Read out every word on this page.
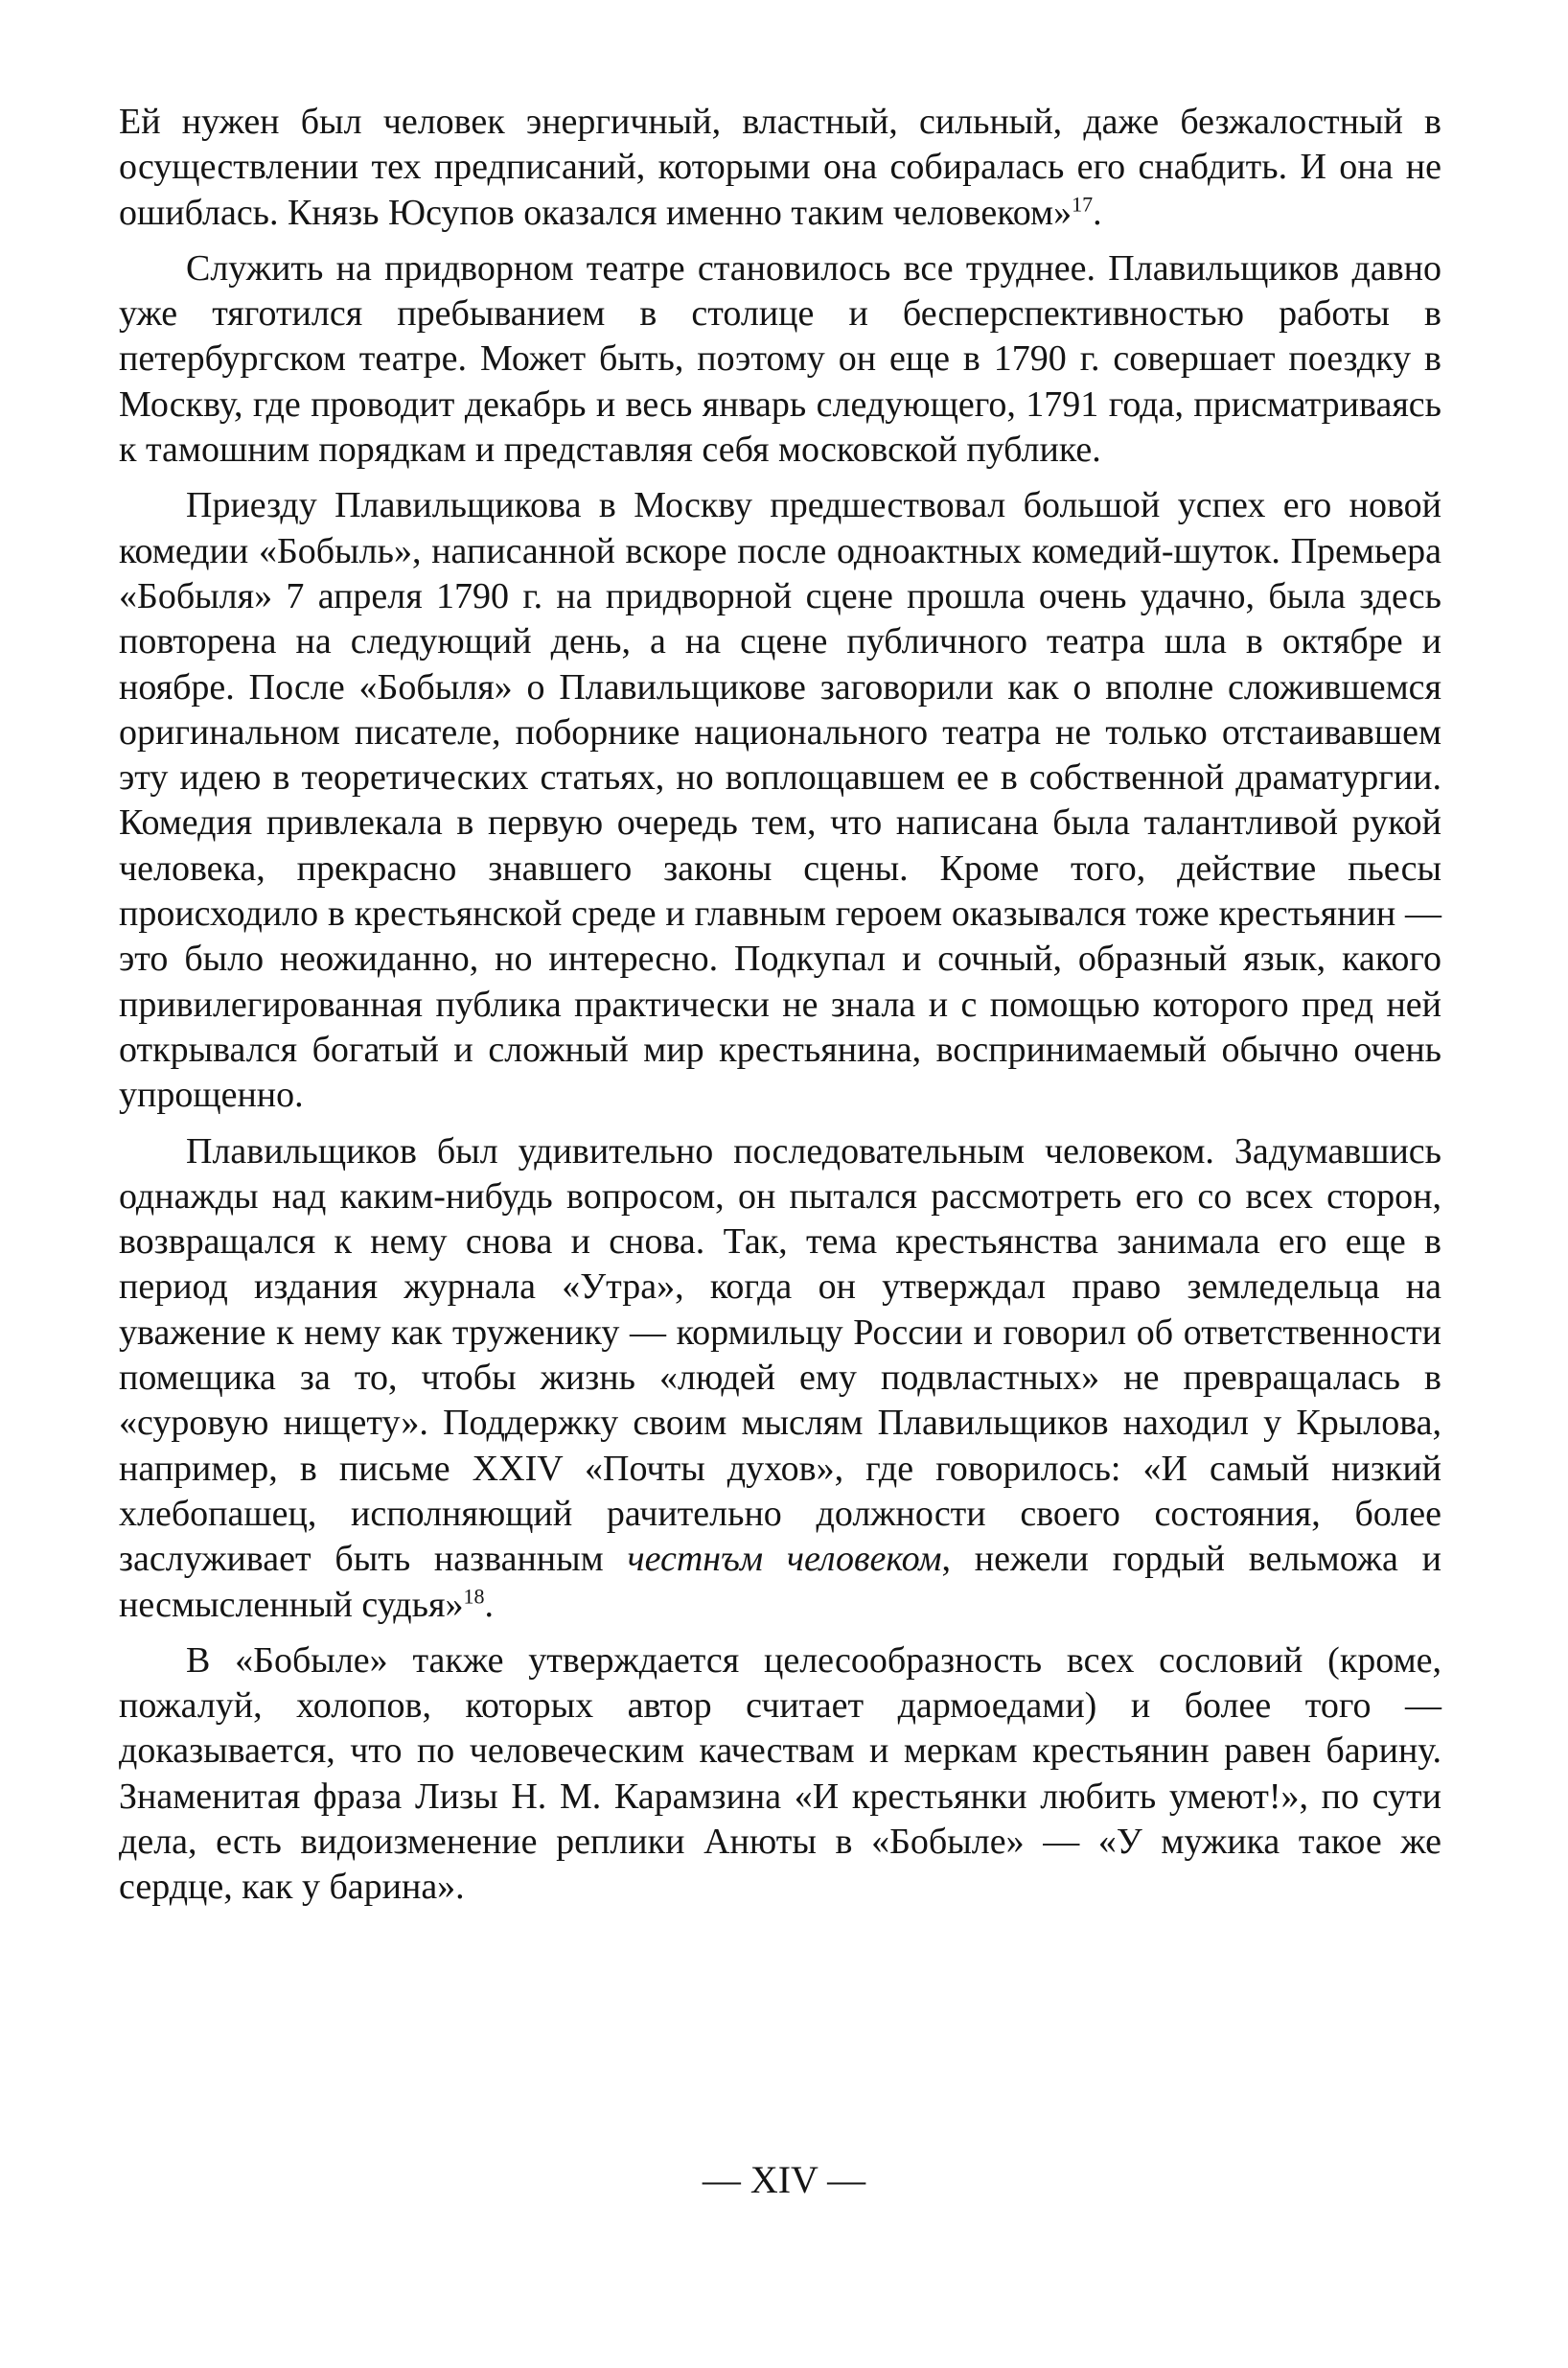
Ей нужен был человек энергичный, властный, сильный, даже безжалостный в осуществлении тех предписаний, которыми она собиралась его снабдить. И она не ошиблась. Князь Юсупов оказался именно таким человеком»$^{17}$.

Служить на придворном театре становилось все труднее. Плавильщиков давно уже тяготился пребыванием в столице и бесперспективностью работы в петербургском театре. Может быть, поэтому он еще в 1790 г. совершает поездку в Москву, где проводит декабрь и весь январь следующего, 1791 года, присматриваясь к тамошним порядкам и представляя себя московской публике.

Приезду Плавильщикова в Москву предшествовал большой успех его новой комедии «Бобыль», написанной вскоре после одноактных комедий-шуток. Премьера «Бобыля» 7 апреля 1790 г. на придворной сцене прошла очень удачно, была здесь повторена на следующий день, а на сцене публичного театра шла в октябре и ноябре. После «Бобыля» о Плавильщикове заговорили как о вполне сложившемся оригинальном писателе, поборнике национального театра не только отстаивавшем эту идею в теоретических статьях, но воплощавшем ее в собственной драматургии. Комедия привлекала в первую очередь тем, что написана была талантливой рукой человека, прекрасно знавшего законы сцены. Кроме того, действие пьесы происходило в крестьянской среде и главным героем оказывался тоже крестьянин — это было неожиданно, но интересно. Подкупал и сочный, образный язык, какого привилегированная публика практически не знала и с помощью которого пред ней открывался богатый и сложный мир крестьянина, воспринимаемый обычно очень упрощенно.

Плавильщиков был удивительно последовательным человеком. Задумавшись однажды над каким-нибудь вопросом, он пытался рассмотреть его со всех сторон, возвращался к нему снова и снова. Так, тема крестьянства занимала его еще в период издания журнала «Утра», когда он утверждал право земледельца на уважение к нему как труженику — кормильцу России и говорил об ответственности помещика за то, чтобы жизнь «людей ему подвластных» не превращалась в «суровую нищету». Поддержку своим мыслям Плавильщиков находил у Крылова, например, в письме XXIV «Почты духов», где говорилось: «И самый низкий хлебопашец, исполняющий рачительно должности своего состояния, более заслуживает быть названным честнъм человеком, нежели гордый вельможа и несмысленный судья»$^{18}$.

В «Бобыле» также утверждается целесообразность всех сословий (кроме, пожалуй, холопов, которых автор считает дармоедами) и более того — доказывается, что по человеческим качествам и меркам крестьянин равен барину. Знаменитая фраза Лизы Н. М. Карамзина «И крестьянки любить умеют!», по сути дела, есть видоизменение реплики Анюты в «Бобыле» — «У мужика такое же сердце, как у барина».

— XIV —
